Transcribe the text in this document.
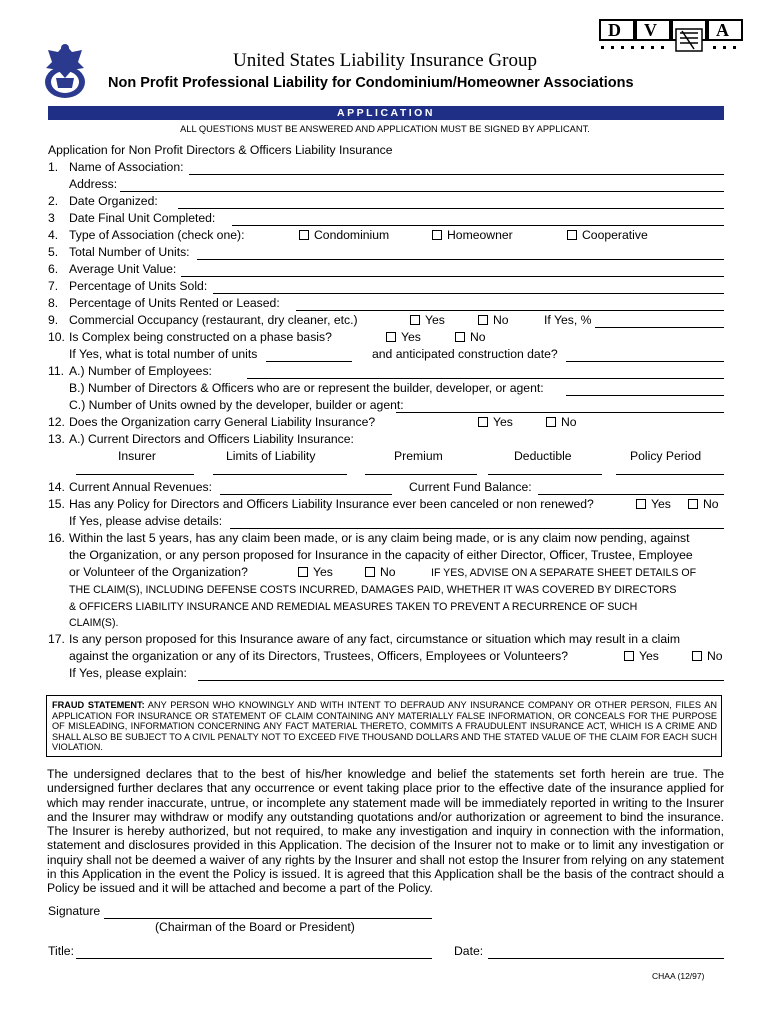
D V	A
United States Liability Insurance Group
Non Profit Professional Liability for Condominium/Homeowner Associations
APPLICATION
ALL QUESTIONS MUST BE ANSWERED AND APPLICATION MUST BE SIGNED BY APPLICANT.
Application for Non Profit Directors & Officers Liability Insurance
1. Name of Association:
Address:
2. Date Organized:
3 Date Final Unit Completed:
4. Type of Association (check one):	Condominium	Homeowner	Cooperative
5. Total Number of Units:
6. Average Unit Value:
7. Percentage of Units Sold:
8. Percentage of Units Rented or Leased:
9. Commercial Occupancy (restaurant, dry cleaner, etc.)	Yes	No	If Yes, %
10. Is Complex being constructed on a phase basis?	Yes	No
If Yes, what is total number of units	and anticipated construction date?
11. A.) Number of Employees:
B.) Number of Directors & Officers who are or represent the builder, developer, or agent:
C.) Number of Units owned by the developer, builder or agent:
12. Does the Organization carry General Liability Insurance?	Yes	No
13. A.) Current Directors and Officers Liability Insurance:
Insurer	Limits of Liability	Premium	Deductible	Policy Period
14. Current Annual Revenues:	Current Fund Balance:
15. Has any Policy for Directors and Officers Liability Insurance ever been canceled or non renewed?	Yes	No
If Yes, please advise details:
16. Within the last 5 years, has any claim been made, or is any claim being made, or is any claim now pending, against
the Organization, or any person proposed for Insurance in the capacity of either Director, Officer, Trustee, Employee
or Volunteer of the Organization?	Yes	No	IF YES, ADVISE ON A SEPARATE SHEET DETAILS OF
THE CLAIM(S), INCLUDING DEFENSE COSTS INCURRED, DAMAGES PAID, WHETHER IT WAS COVERED BY DIRECTORS
& OFFICERS LIABILITY INSURANCE AND REMEDIAL MEASURES TAKEN TO PREVENT A RECURRENCE OF SUCH
CLAIM(S).
17. Is any person proposed for this Insurance aware of any fact, circumstance or situation which may result in a claim
against the organization or any of its Directors, Trustees, Officers, Employees or Volunteers?	Yes	No
If Yes, please explain:
FRAUD STATEMENT: ANY PERSON WHO KNOWINGLY AND WITH INTENT TO DEFRAUD ANY INSURANCE COMPANY OR OTHER PERSON, FILES AN APPLICATION FOR INSURANCE OR STATEMENT OF CLAIM CONTAINING ANY MATERIALLY FALSE INFORMATION, OR CONCEALS FOR THE PURPOSE OF MISLEADING, INFORMATION CONCERNING ANY FACT MATERIAL THERETO, COMMITS A FRAUDULENT INSURANCE ACT, WHICH IS A CRIME AND SHALL ALSO BE SUBJECT TO A CIVIL PENALTY NOT TO EXCEED FIVE THOUSAND DOLLARS AND THE STATED VALUE OF THE CLAIM FOR EACH SUCH VIOLATION.
The undersigned declares that to the best of his/her knowledge and belief the statements set forth herein are true. The undersigned further declares that any occurrence or event taking place prior to the effective date of the insurance applied for which may render inaccurate, untrue, or incomplete any statement made will be immediately reported in writing to the Insurer and the Insurer may withdraw or modify any outstanding quotations and/or authorization or agreement to bind the insurance. The Insurer is hereby authorized, but not required, to make any investigation and inquiry in connection with the information, statement and disclosures provided in this Application. The decision of the Insurer not to make or to limit any investigation or inquiry shall not be deemed a waiver of any rights by the Insurer and shall not estop the Insurer from relying on any statement in this Application in the event the Policy is issued. It is agreed that this Application shall be the basis of the contract should a Policy be issued and it will be attached and become a part of the Policy.
Signature
(Chairman of the Board or President)
Title:	Date:
CHAA (12/97)
